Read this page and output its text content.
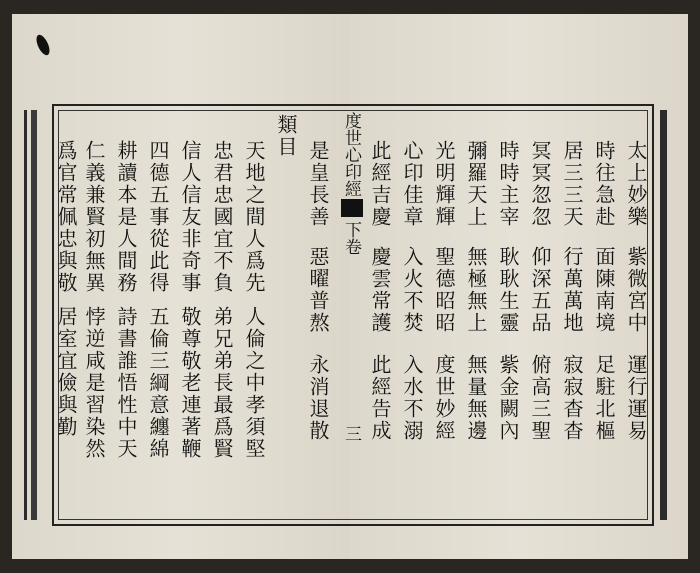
度世心印經
下卷
三
太上妙樂
紫微宮中
運行運易
時往急赴
面陳南境
足駐北樞
居三三天
行萬萬地
寂寂杳杳
冥冥忽忽
仰深五品
俯高三聖
時時主宰
耿耿生靈
紫金闕內
彌羅天上
無極無上
無量無邊
光明輝輝
聖德昭昭
度世妙經
心印佳章
入火不焚
入水不溺
此經吉慶
慶雲常護
此經告成
是皇長善
惡曜普熬
永消退散
類目
天地之間人爲先
人倫之中孝須堅
忠君忠國宜不負
弟兄弟長最爲賢
信人信友非奇事
敬尊敬老連著鞭
四德五事從此得
五倫三綱意纏綿
耕讀本是人間務
詩書誰悟性中天
仁義兼賢初無異
悖逆咸是習染然
爲官常佩忠與敬
居室宜儉與勤
